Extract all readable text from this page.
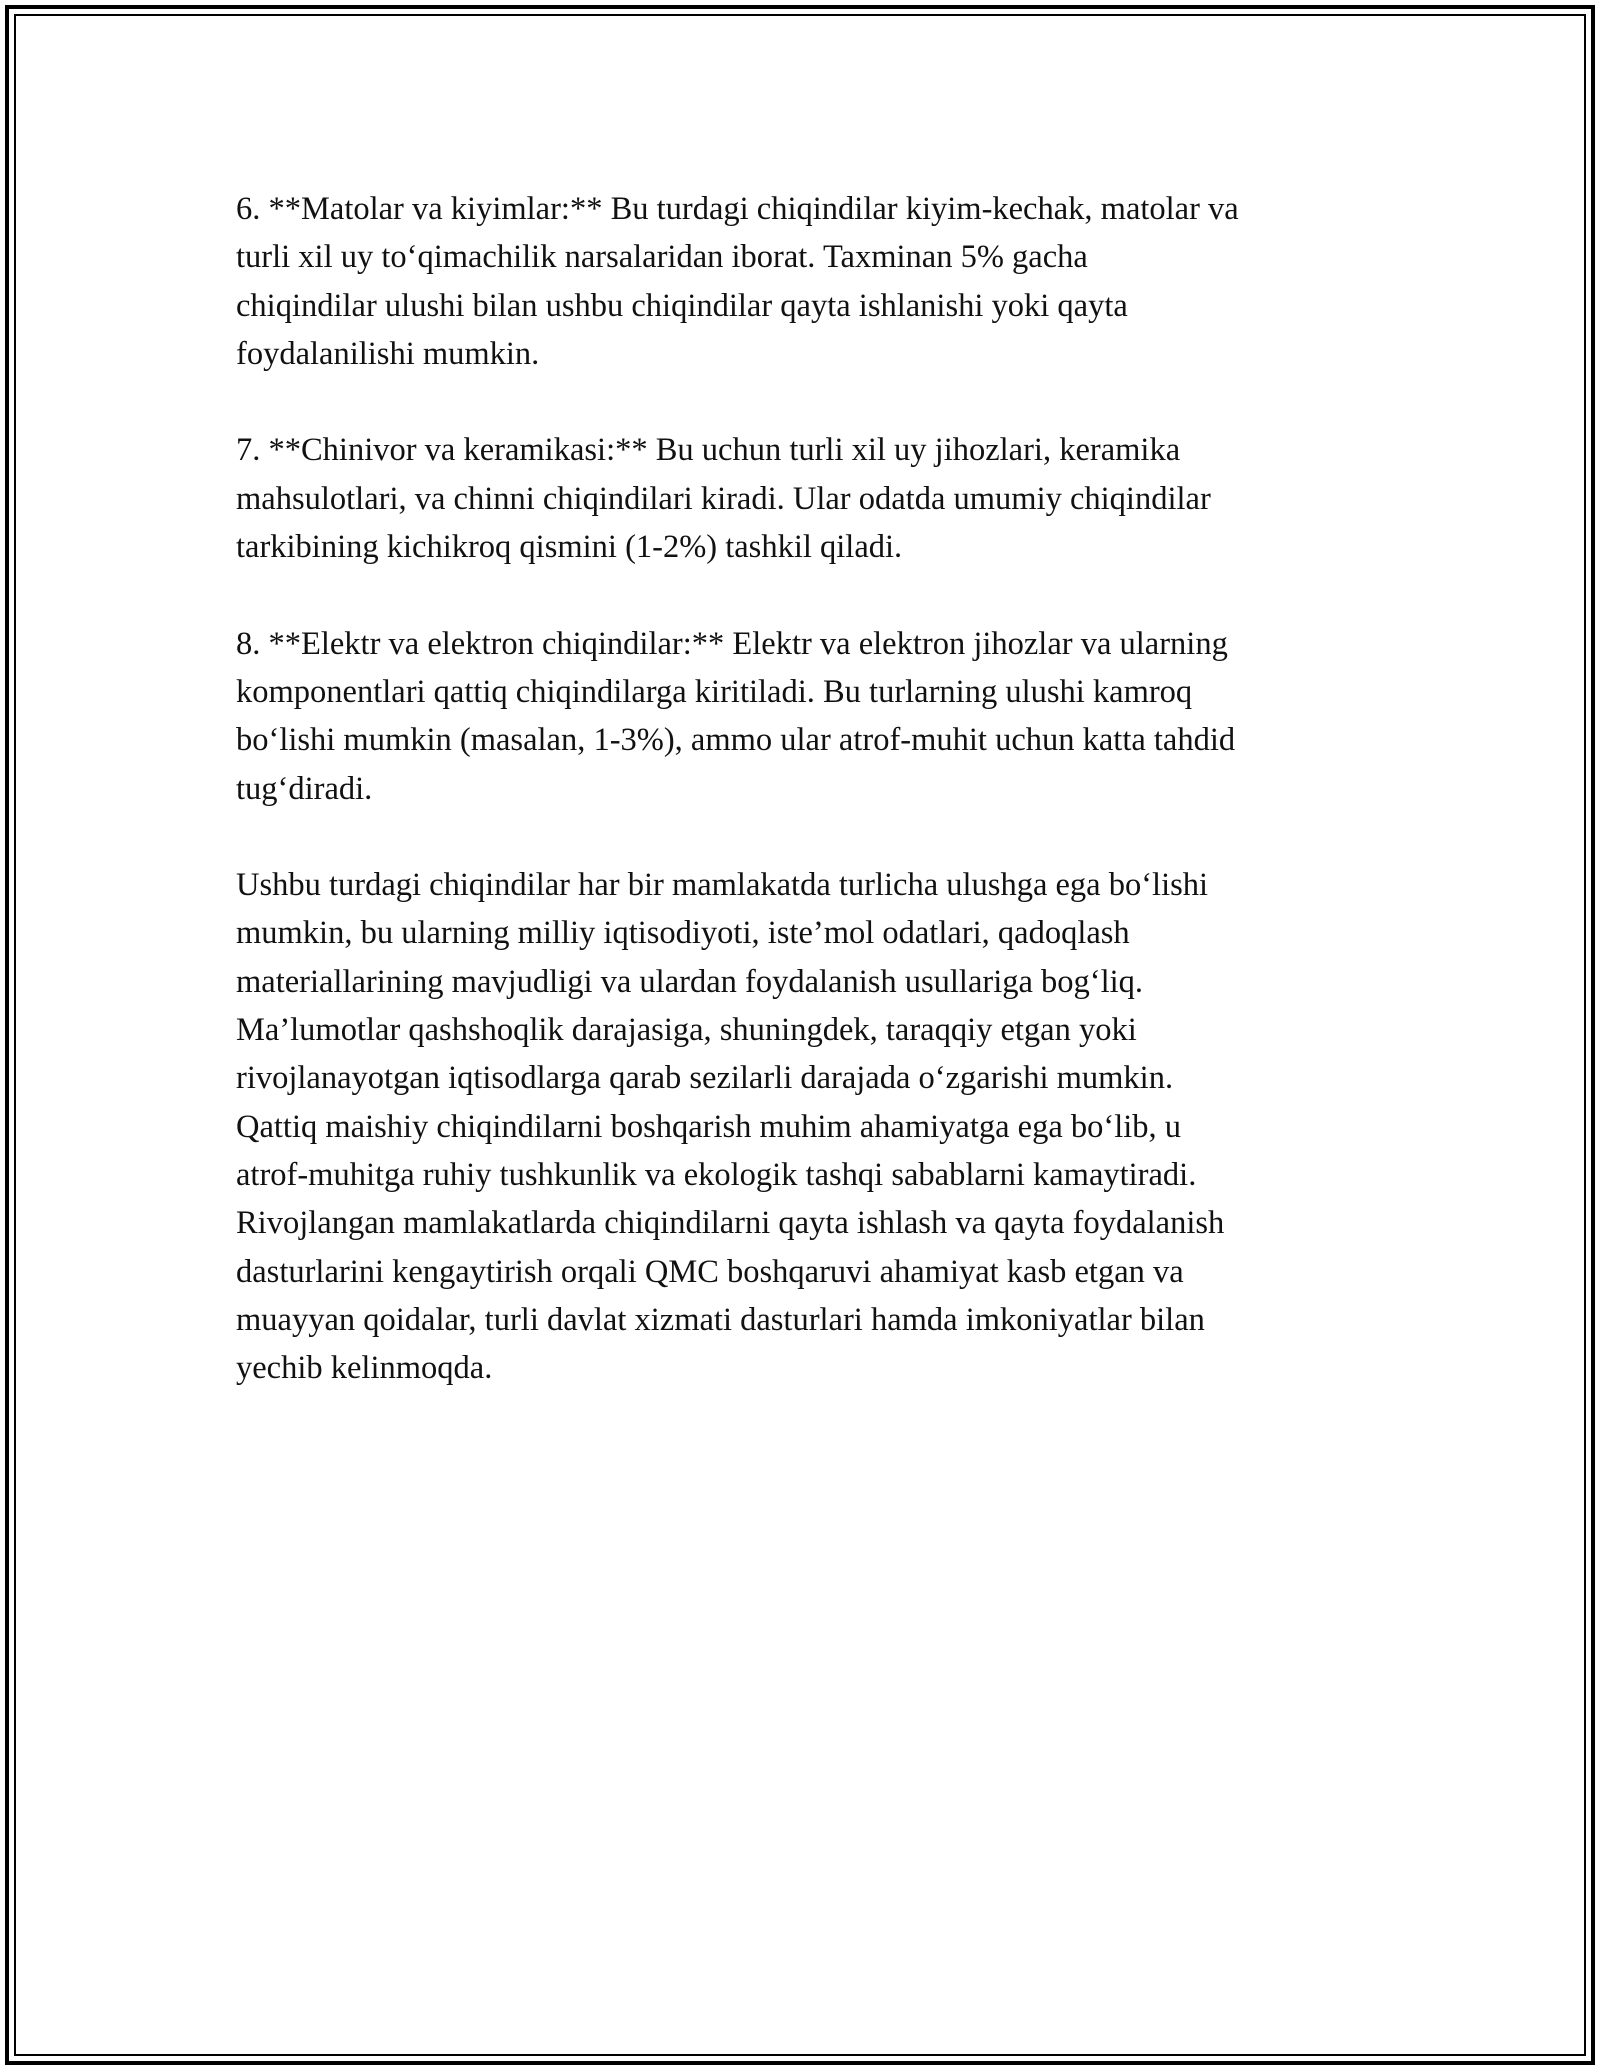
6. **Matolar va kiyimlar:** Bu turdagi chiqindilar kiyim-kechak, matolar va
turli xil uy to‘qimachilik narsalaridan iborat. Taxminan 5% gacha
chiqindilar ulushi bilan ushbu chiqindilar qayta ishlanishi yoki qayta
foydalanilishi mumkin.

7. **Chinivor va keramikasi:** Bu uchun turli xil uy jihozlari, keramika
mahsulotlari, va chinni chiqindilari kiradi. Ular odatda umumiy chiqindilar
tarkibining kichikroq qismini (1-2%) tashkil qiladi.

8. **Elektr va elektron chiqindilar:** Elektr va elektron jihozlar va ularning
komponentlari qattiq chiqindilarga kiritiladi. Bu turlarning ulushi kamroq
bo‘lishi mumkin (masalan, 1-3%), ammo ular atrof-muhit uchun katta tahdid
tug‘diradi.

Ushbu turdagi chiqindilar har bir mamlakatda turlicha ulushga ega bo‘lishi
mumkin, bu ularning milliy iqtisodiyoti, iste’mol odatlari, qadoqlash
materiallarining mavjudligi va ulardan foydalanish usullariga bog‘liq.
Ma’lumotlar qashshoqlik darajasiga, shuningdek, taraqqiy etgan yoki
rivojlanayotgan iqtisodlarga qarab sezilarli darajada o‘zgarishi mumkin.
Qattiq maishiy chiqindilarni boshqarish muhim ahamiyatga ega bo‘lib, u
atrof-muhitga ruhiy tushkunlik va ekologik tashqi sabablarni kamaytiradi.
Rivojlangan mamlakatlarda chiqindilarni qayta ishlash va qayta foydalanish
dasturlarini kengaytirish orqali QMC boshqaruvi ahamiyat kasb etgan va
muayyan qoidalar, turli davlat xizmati dasturlari hamda imkoniyatlar bilan
yechib kelinmoqda.
